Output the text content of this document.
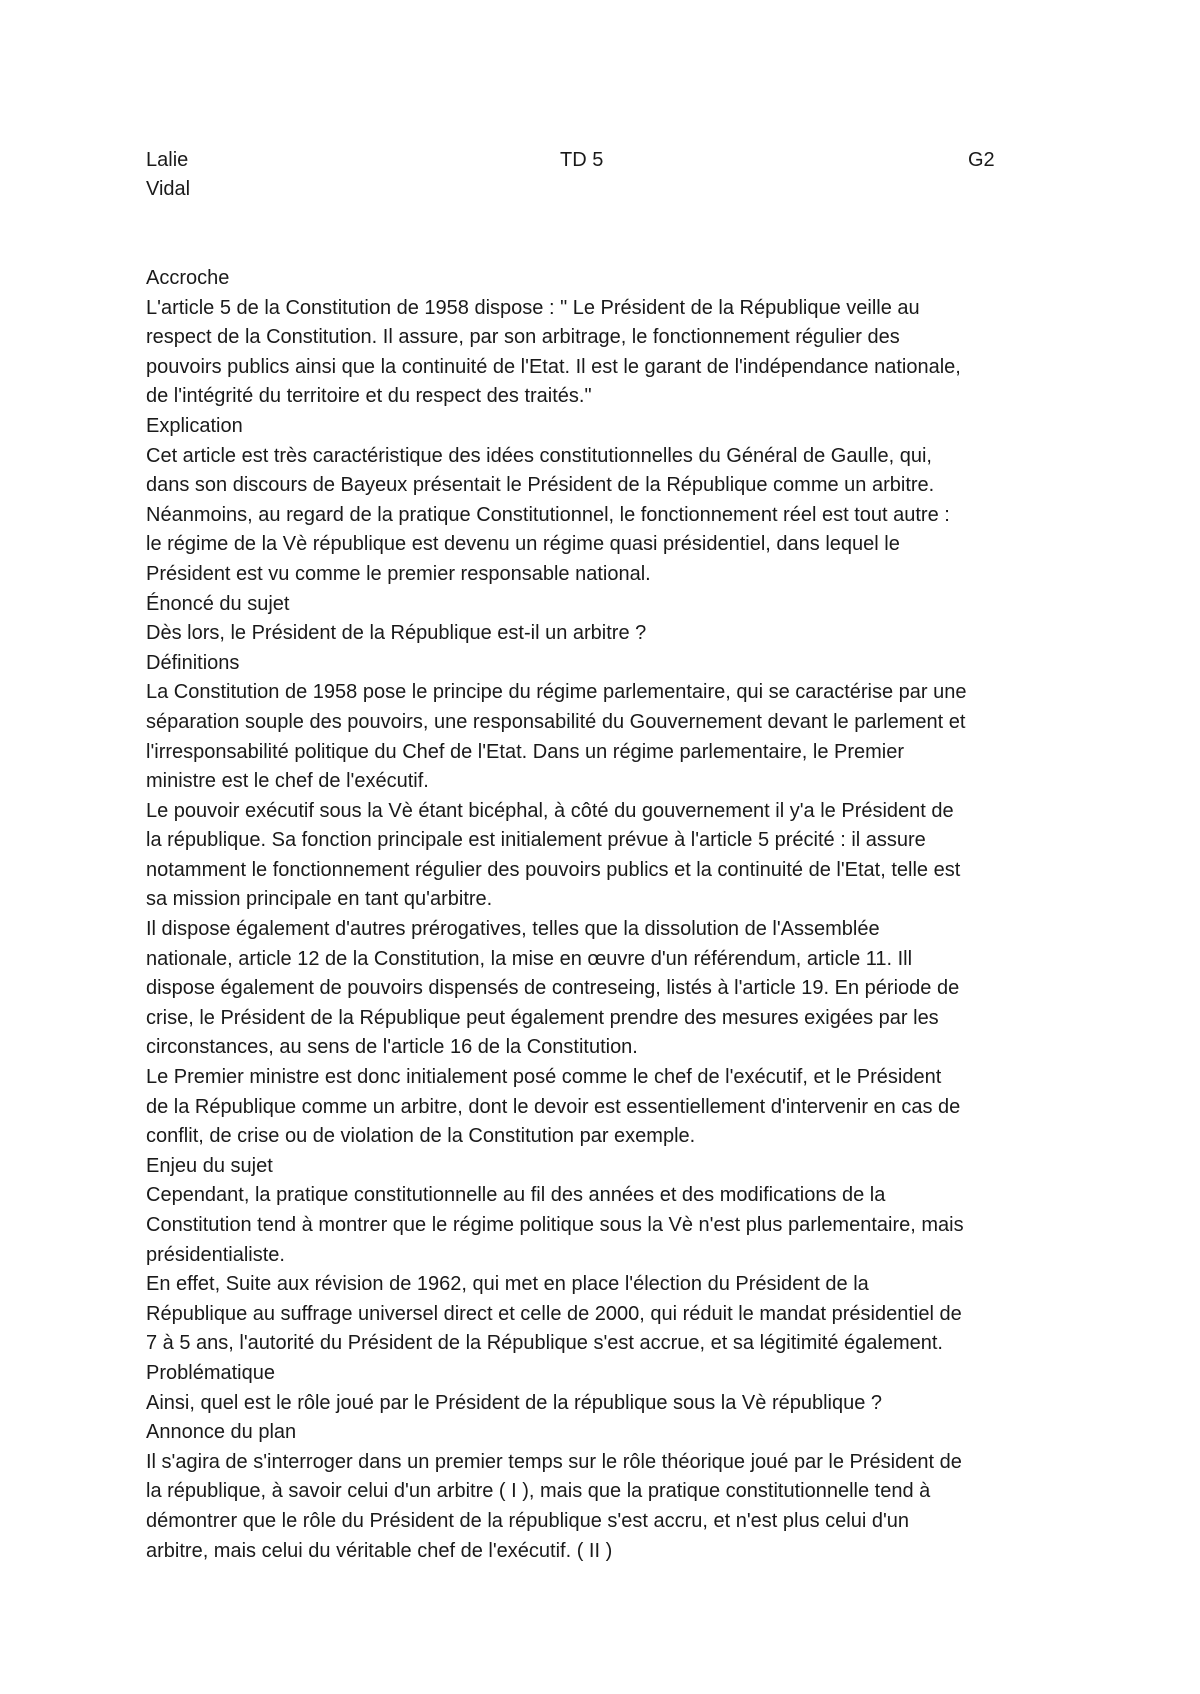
Lalie
Vidal
TD 5	G2

Accroche

L'article 5 de la Constitution de 1958 dispose : " Le Président de la République veille au
respect de la Constitution. Il assure, par son arbitrage, le fonctionnement régulier des
pouvoirs publics ainsi que la continuité de l'Etat. Il est le garant de l'indépendance nationale,
de l'intégrité du territoire et du respect des traités."

Explication

Cet article est très caractéristique des idées constitutionnelles du Général de Gaulle, qui,
dans son discours de Bayeux présentait le Président de la République comme un arbitre.
Néanmoins, au regard de la pratique Constitutionnel, le fonctionnement réel est tout autre :
le régime de la Vè république est devenu un régime quasi présidentiel, dans lequel le
Président est vu comme le premier responsable national.

Énoncé du sujet

Dès lors, le Président de la République est-il un arbitre ?

Définitions

La Constitution de 1958 pose le principe du régime parlementaire, qui se caractérise par une
séparation souple des pouvoirs, une responsabilité du Gouvernement devant le parlement et
l'irresponsabilité politique du Chef de l'Etat. Dans un régime parlementaire, le Premier
ministre est le chef de l'exécutif.

Le pouvoir exécutif sous la Vè étant bicéphal, à côté du gouvernement il y'a le Président de
la république. Sa fonction principale est initialement prévue à l'article 5 précité : il assure
notamment le fonctionnement régulier des pouvoirs publics et la continuité de l'Etat, telle est
sa mission principale en tant qu'arbitre.

Il dispose également d'autres prérogatives, telles que la dissolution de l'Assemblée
nationale, article 12 de la Constitution, la mise en œuvre d'un référendum, article 11. Ill
dispose également de pouvoirs dispensés de contreseing, listés à l'article 19. En période de
crise, le Président de la République peut également prendre des mesures exigées par les
circonstances, au sens de l'article 16 de la Constitution.

Le Premier ministre est donc initialement posé comme le chef de l'exécutif, et le Président
de la République comme un arbitre, dont le devoir est essentiellement d'intervenir en cas de
conflit, de crise ou de violation de la Constitution par exemple.

Enjeu du sujet

Cependant, la pratique constitutionnelle au fil des années et des modifications de la
Constitution tend à montrer que le régime politique sous la Vè n'est plus parlementaire, mais
présidentialiste.

En effet, Suite aux révision de 1962, qui met en place l'élection du Président de la
République au suffrage universel direct et celle de 2000, qui réduit le mandat présidentiel de
7 à 5 ans, l'autorité du Président de la République s'est accrue, et sa légitimité également.

Problématique

Ainsi, quel est le rôle joué par le Président de la république sous la Vè république ?

Annonce du plan

Il s'agira de s'interroger dans un premier temps sur le rôle théorique joué par le Président de
la république, à savoir celui d'un arbitre ( I ), mais que la pratique constitutionnelle tend à
démontrer que le rôle du Président de la république s'est accru, et n'est plus celui d'un
arbitre, mais celui du véritable chef de l'exécutif. ( II )
